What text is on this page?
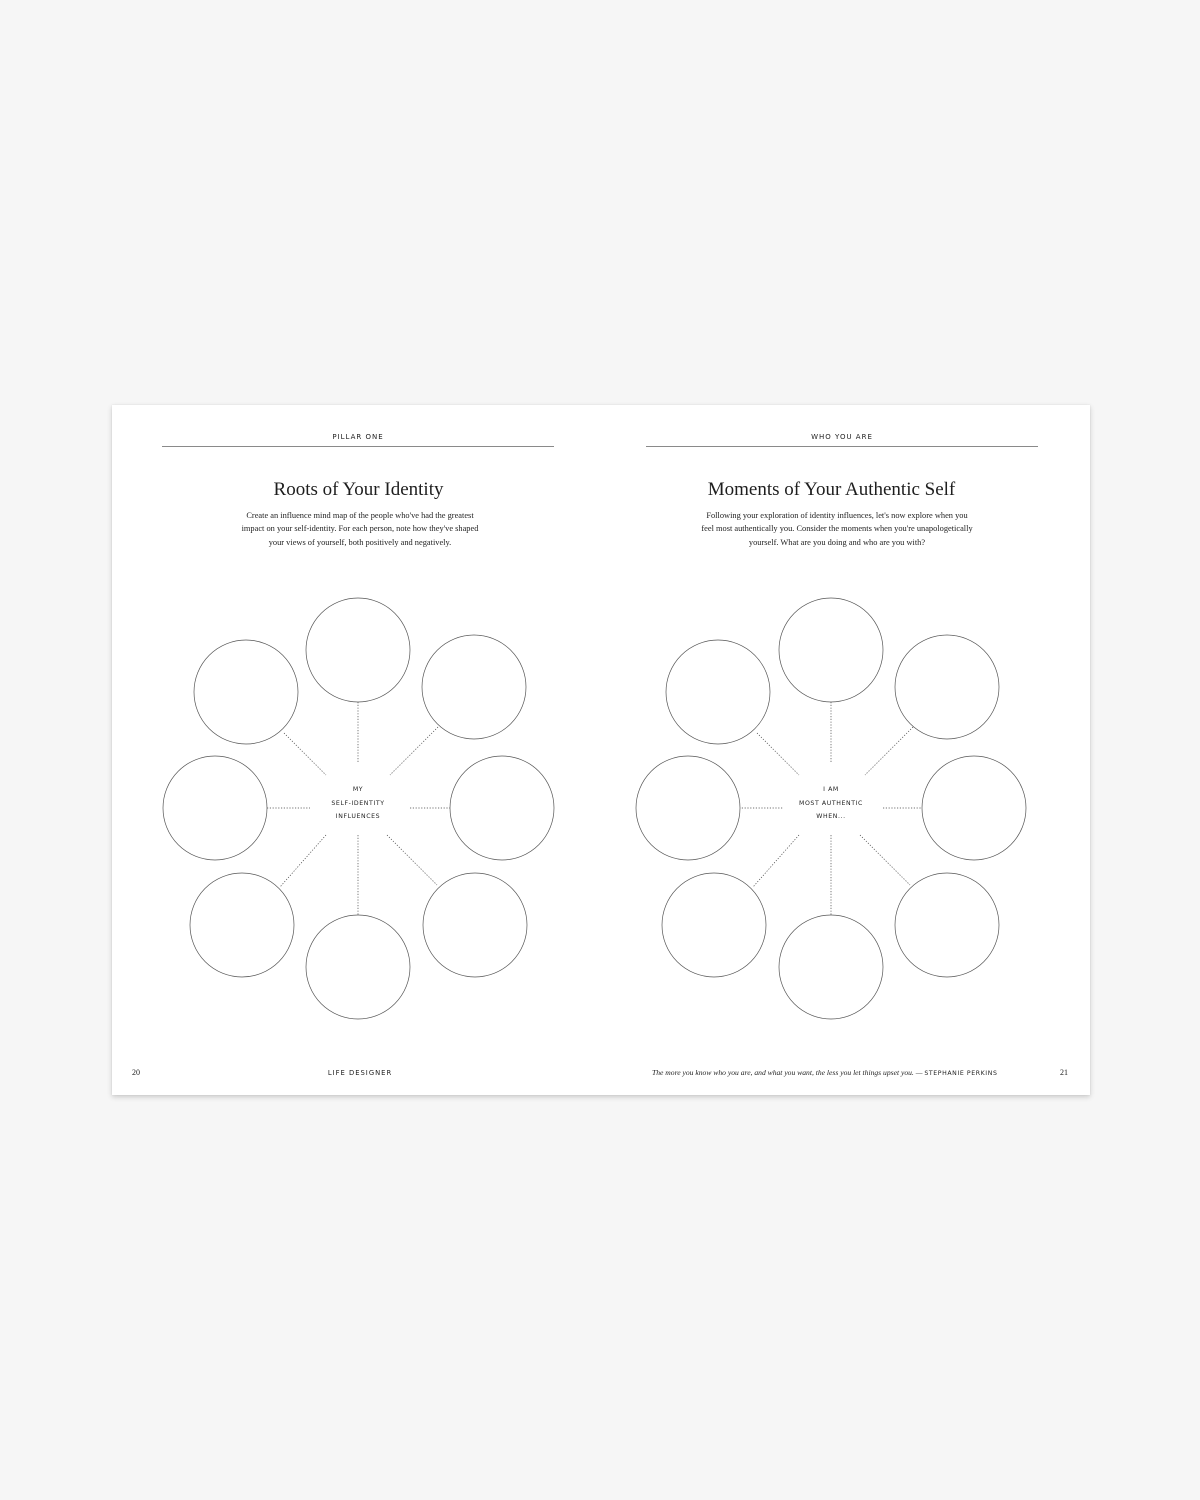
PILLAR ONE
Roots of Your Identity

Create an influence mind map of the people who've had the greatest
impact on your self-identity. For each person, note how they've shaped
your views of yourself, both positively and negatively.

MY
SELF-IDENTITY
INFLUENCES
20	LIFE DESIGNER
WHO YOU ARE
Moments of Your Authentic Self

Following your exploration of identity influences, let's now explore when you
feel most authentically you. Consider the moments when you're unapologetically
yourself. What are you doing and who are you with?

I AM
MOST AUTHENTIC
WHEN...
The more you know who you are, and what you want, the less you let things upset you. — STEPHANIE PERKINS	21
